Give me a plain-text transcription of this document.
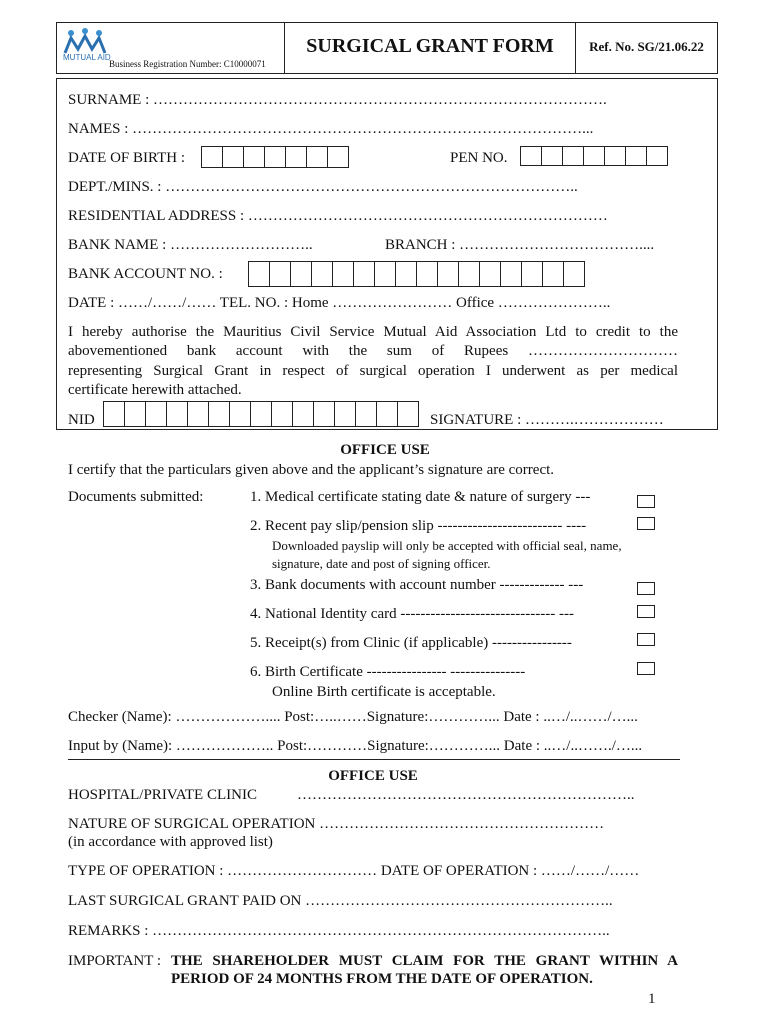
MUTUAL AID
Business Registration Number: C10000071
SURGICAL GRANT FORM	Ref. No. SG/21.06.22
SURNAME : ……………………………………………………………………………….
NAMES : ………………………………………………………………………………...
DATE OF BIRTH :	PEN NO.
DEPT./MINS. : ………………………………………………………………………..
RESIDENTIAL ADDRESS : ………………………………………………………………
BANK NAME : ………………………..	BRANCH : ………………………………....
BANK ACCOUNT NO. :
DATE : ……/……/…… TEL. NO. : Home …………………… Office …………………..
I hereby authorise the Mauritius Civil Service Mutual Aid Association Ltd to credit to the
abovementioned bank account with the sum of Rupees …………………………
representing Surgical Grant in respect of surgical operation I underwent as per medical
certificate herewith attached.
NID	SIGNATURE : ……….………………
OFFICE USE
I certify that the particulars given above and the applicant’s signature are correct.
Documents submitted:	1. Medical certificate stating date & nature of surgery ---
2. Recent pay slip/pension slip ------------------------- ----
Downloaded payslip will only be accepted with official seal, name,
signature, date and post of signing officer.
3. Bank documents with account number ------------- ---
4. National Identity card ------------------------------- ---
5. Receipt(s) from Clinic (if applicable) ----------------
6. Birth Certificate ---------------- ---------------
Online Birth certificate is acceptable.
Checker (Name): ……………….... Post:…..……Signature:…………... Date : ..…/..……/…...
Input by (Name): ……………….. Post:…………Signature:…………... Date : ..…/..……./…...
OFFICE USE
HOSPITAL/PRIVATE CLINIC	…………………………………………………………..
NATURE OF SURGICAL OPERATION …………………………………………………
(in accordance with approved list)
TYPE OF OPERATION : ………………………… DATE OF OPERATION : ……/……/……
LAST SURGICAL GRANT PAID ON ……………………………………………………..
REMARKS : ………………………………………………………………………………..
IMPORTANT : THE SHAREHOLDER MUST CLAIM FOR THE GRANT WITHIN A
PERIOD OF 24 MONTHS FROM THE DATE OF OPERATION.
1
